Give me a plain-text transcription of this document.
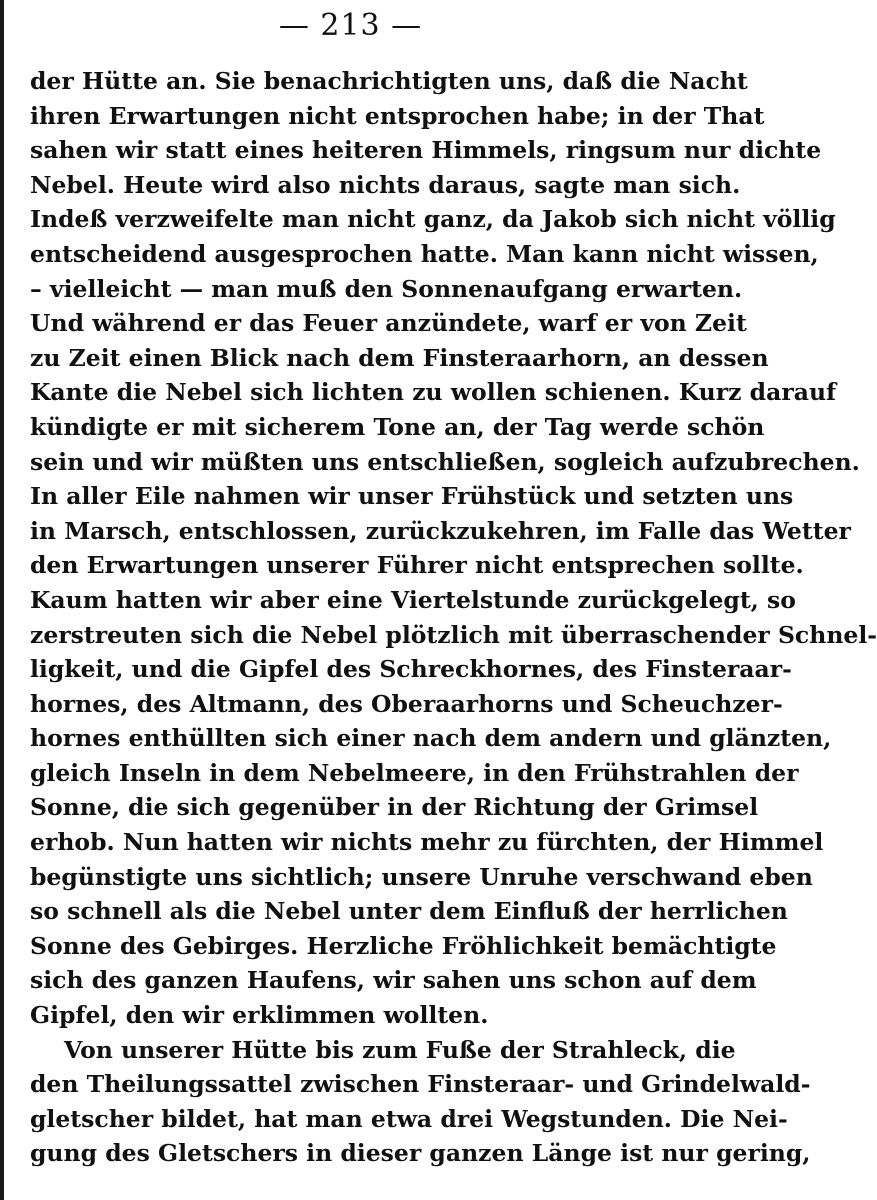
— 213 —
der Hütte an. Sie benachrichtigten uns, daß die Nacht
ihren Erwartungen nicht entsprochen habe; in der That
sahen wir statt eines heiteren Himmels, ringsum nur dichte
Nebel. Heute wird also nichts daraus, sagte man sich.
Indeß verzweifelte man nicht ganz, da Jakob sich nicht völlig
entscheidend ausgesprochen hatte. Man kann nicht wissen,
– vielleicht — man muß den Sonnenaufgang erwarten.
Und während er das Feuer anzündete, warf er von Zeit
zu Zeit einen Blick nach dem Finsteraarhorn, an dessen
Kante die Nebel sich lichten zu wollen schienen. Kurz darauf
kündigte er mit sicherem Tone an, der Tag werde schön
sein und wir müßten uns entschließen, sogleich aufzubrechen.
In aller Eile nahmen wir unser Frühstück und setzten uns
in Marsch, entschlossen, zurückzukehren, im Falle das Wetter
den Erwartungen unserer Führer nicht entsprechen sollte.
Kaum hatten wir aber eine Viertelstunde zurückgelegt, so
zerstreuten sich die Nebel plötzlich mit überraschender Schnel-
ligkeit, und die Gipfel des Schreckhornes, des Finsteraar-
hornes, des Altmann, des Oberaarhorns und Scheuchzer-
hornes enthüllten sich einer nach dem andern und glänzten,
gleich Inseln in dem Nebelmeere, in den Frühstrahlen der
Sonne, die sich gegenüber in der Richtung der Grimsel
erhob. Nun hatten wir nichts mehr zu fürchten, der Himmel
begünstigte uns sichtlich; unsere Unruhe verschwand eben
so schnell als die Nebel unter dem Einfluß der herrlichen
Sonne des Gebirges. Herzliche Fröhlichkeit bemächtigte
sich des ganzen Haufens, wir sahen uns schon auf dem
Gipfel, den wir erklimmen wollten.
Von unserer Hütte bis zum Fuße der Strahleck, die
den Theilungssattel zwischen Finsteraar- und Grindelwald-
gletscher bildet, hat man etwa drei Wegstunden. Die Nei-
gung des Gletschers in dieser ganzen Länge ist nur gering,
